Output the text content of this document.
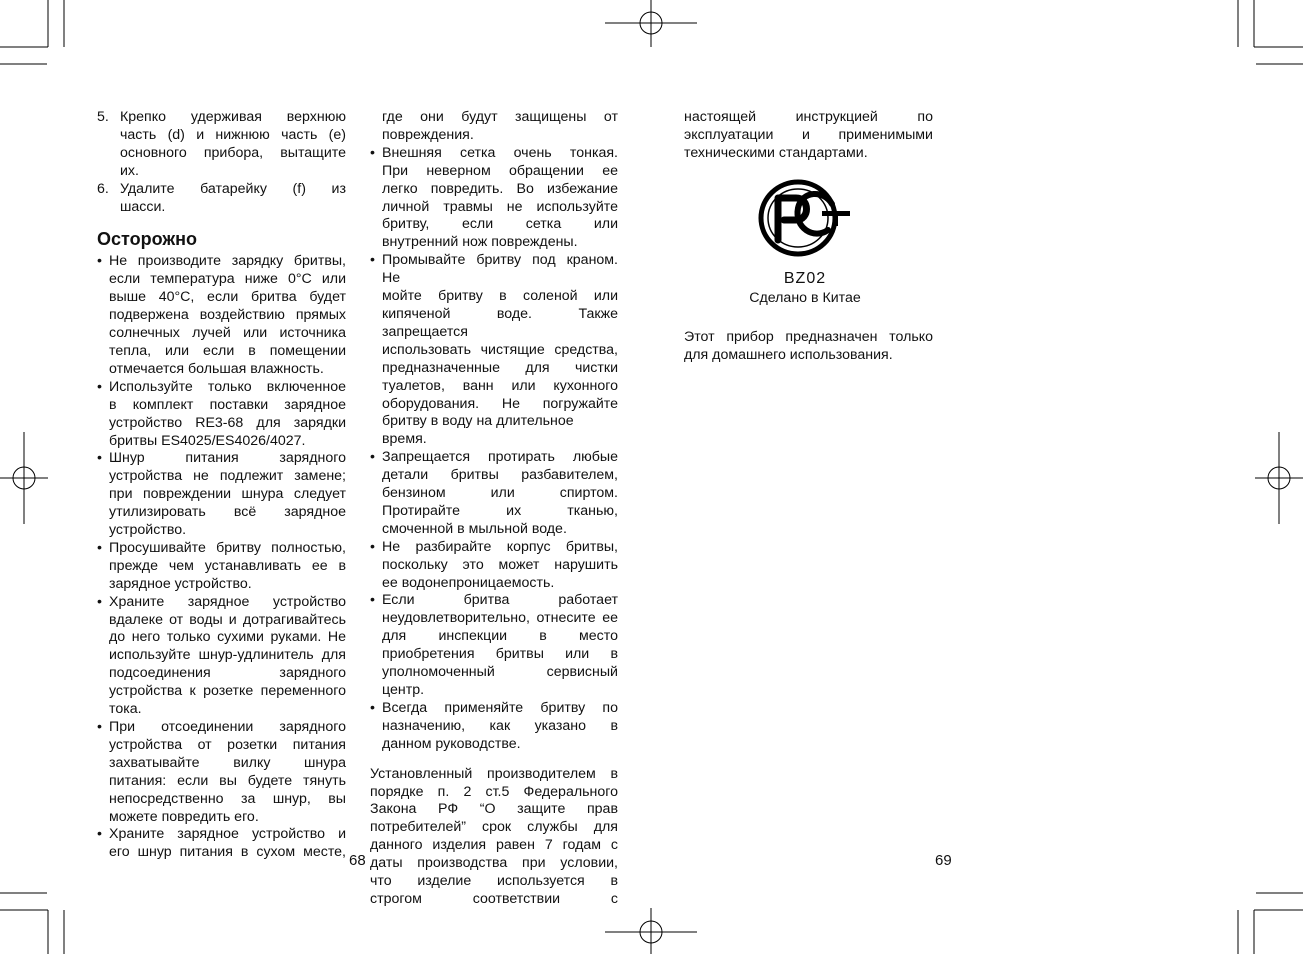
5. Крепко удерживая верхнюю
часть (d) и нижнюю часть (e)
основного прибора, вытащите
их.
6. Удалите батарейку (f) из
шасси.
Осторожно
• Не производите зарядку бритвы,
если температура ниже 0°C или
выше 40°C, если бритва будет
подвержена воздействию прямых
солнечных лучей или источника
тепла, или если в помещении
отмечается большая влажность.
• Используйте только включенное
в комплект поставки зарядное
устройство RE3-68 для зарядки
бритвы ES4025/ES4026/4027.
• Шнур питания зарядного
устройства не подлежит замене;
при повреждении шнура следует
утилизировать всё зарядное
устройство.
• Просушивайте бритву полностью,
прежде чем устанавливать ее в
зарядное устройство.
• Храните зарядное устройство
вдалеке от воды и дотрагивайтесь
до него только сухими руками. Не
используйте шнур-удлинитель для
подсоединения зарядного
устройства к розетке переменного
тока.
• При отсоединении зарядного
устройства от розетки питания
захватывайте вилку шнура
питания: если вы будете тянуть
непосредственно за шнур, вы
можете повредить его.
• Храните зарядное устройство и
его шнур питания в сухом месте,
где они будут защищены от
повреждения.
• Внешняя сетка очень тонкая.
При неверном обращении ее
легко повредить. Во избежание
личной травмы не используйте
бритву, если сетка или
внутренний нож повреждены.
• Промывайте бритву под краном. Не
мойте бритву в соленой или
кипяченой воде. Также запрещается
использовать чистящие средства,
предназначенные для чистки
туалетов, ванн или кухонного
оборудования. Не погружайте
бритву в воду на длительное время.
• Запрещается протирать любые
детали бритвы разбавителем,
бензином или спиртом.
Протирайте их тканью,
смоченной в мыльной воде.
• Не разбирайте корпус бритвы,
поскольку это может нарушить
ее водонепроницаемость.
• Если бритва работает
неудовлетворительно, отнесите ее
для инспекции в место
приобретения бритвы или в
уполномоченный сервисный
центр.
• Всегда применяйте бритву по
назначению, как указано в
данном руководстве.
Установленный производителем в
порядке п. 2 ст.5 Федерального
Закона РФ “О защите прав
потребителей” срок службы для
данного изделия равен 7 годам с
даты производства при условии,
что изделие используется в
строгом соответствии с
настоящей инструкцией по
эксплуатации и применимыми
техническими стандартами.
BZ02
Сделано в Китае
Этот прибор предназначен только
для домашнего использования.
68	69
